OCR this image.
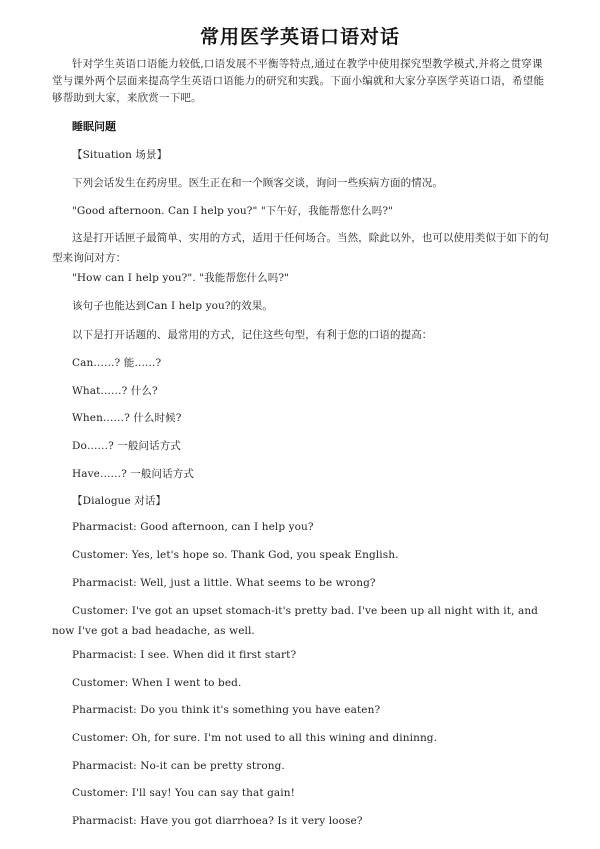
常用医学英语口语对话
针对学生英语口语能力较低,口语发展不平衡等特点,通过在教学中使用探究型教学模式,并将之贯穿课堂与课外两个层面来提高学生英语口语能力的研究和实践。下面小编就和大家分享医学英语口语，希望能够帮助到大家，来欣赏一下吧。
睡眠问题
【Situation 场景】
下列会话发生在药房里。医生正在和一个顾客交谈，询问一些疾病方面的情况。
"Good afternoon. Can I help you?" "下午好，我能帮您什么吗?"
这是打开话匣子最简单、实用的方式，适用于任何场合。当然，除此以外，也可以使用类似于如下的句型来询问对方：
"How can I help you?". "我能帮您什么吗?"
该句子也能达到Can I help you?的效果。
以下是打开话题的、最常用的方式，记住这些句型，有利于您的口语的提高：
Can……? 能……?
What……? 什么?
When……? 什么时候?
Do……? 一般问话方式
Have……? 一般问话方式
【Dialogue 对话】
Pharmacist: Good afternoon, can I help you?
Customer: Yes, let's hope so. Thank God, you speak English.
Pharmacist: Well, just a little. What seems to be wrong?
Customer: I've got an upset stomach-it's pretty bad. I've been up all night with it, and now I've got a bad headache, as well.
Pharmacist: I see. When did it first start?
Customer: When I went to bed.
Pharmacist: Do you think it's something you have eaten?
Customer: Oh, for sure. I'm not used to all this wining and dininng.
Pharmacist: No-it can be pretty strong.
Customer: I'll say! You can say that gain!
Pharmacist: Have you got diarrhoea? Is it very loose?
